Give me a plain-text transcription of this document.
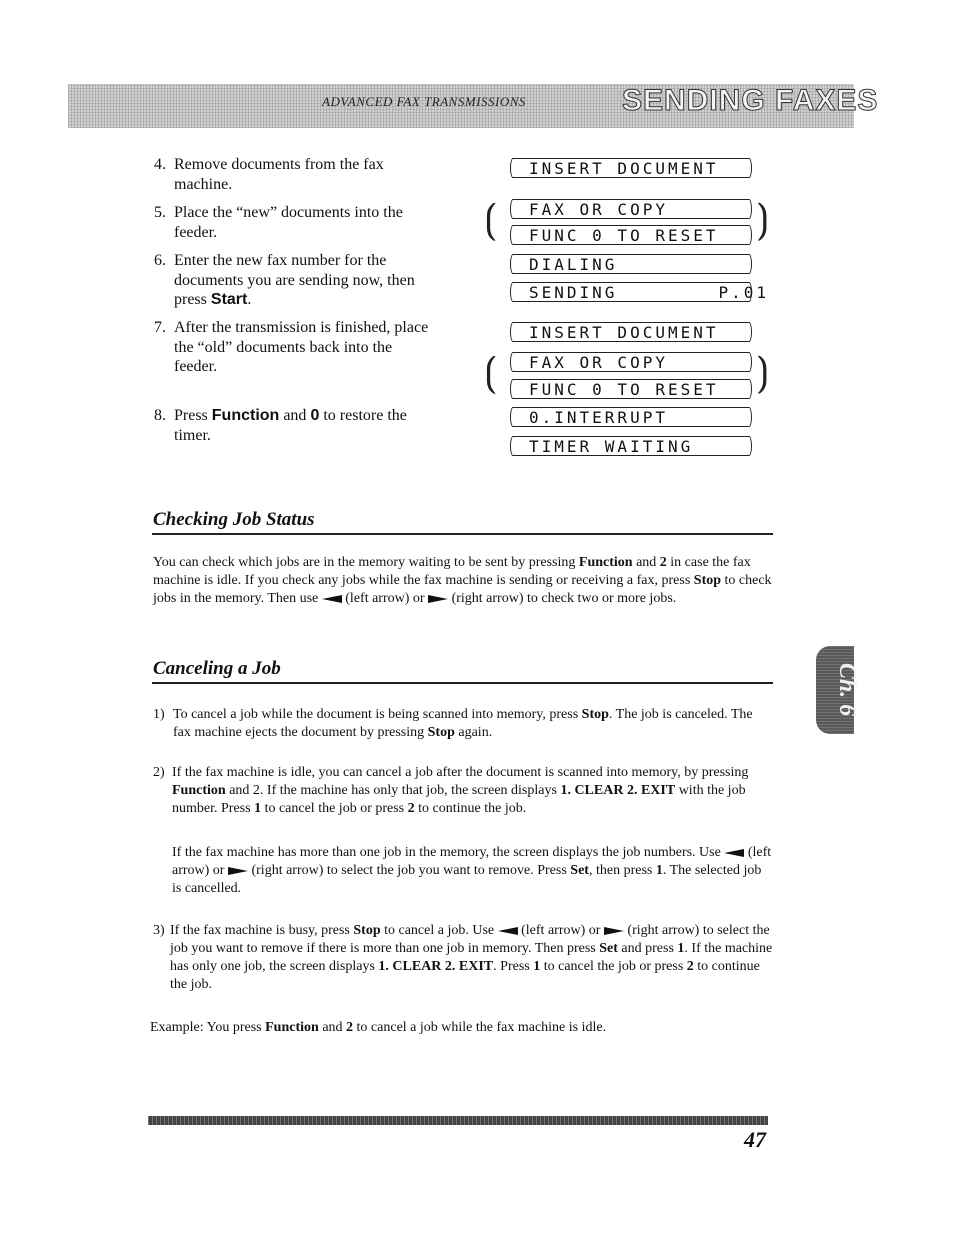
ADVANCED FAX TRANSMISSIONS	SENDING FAXES
4. Remove documents from the fax machine.
5. Place the “new” documents into the feeder.
6. Enter the new fax number for the documents you are sending now, then press Start.
7. After the transmission is finished, place the “old” documents back into the feeder.
8. Press Function and 0 to restore the timer.
INSERT DOCUMENT
FAX OR COPY
FUNC 0 TO RESET
⟮	⟯
DIALING
SENDING        P.01
INSERT DOCUMENT
FAX OR COPY
FUNC 0 TO RESET
⟮	⟯
0.INTERRUPT
TIMER WAITING
Checking Job Status
You can check which jobs are in the memory waiting to be sent by pressing Function and 2 in case the fax machine is idle. If you check any jobs while the fax machine is sending or receiving a fax, press Stop to check jobs in the memory. Then use (left arrow) or (right arrow) to check two or more jobs.
Canceling a Job
1) To cancel a job while the document is being scanned into memory, press Stop. The job is canceled. The fax machine ejects the document by pressing Stop again.
2) If the fax machine is idle, you can cancel a job after the document is scanned into memory, by pressing Function and 2. If the machine has only that job, the screen displays 1. CLEAR 2. EXIT with the job number. Press 1 to cancel the job or press 2 to continue the job.
If the fax machine has more than one job in the memory, the screen displays the job numbers. Use (left arrow) or (right arrow) to select the job you want to remove. Press Set, then press 1. The selected job is cancelled.
3) If the fax machine is busy, press Stop to cancel a job. Use (left arrow) or (right arrow) to select the job you want to remove if there is more than one job in memory. Then press Set and press 1. If the machine has only one job, the screen displays 1. CLEAR 2. EXIT. Press 1 to cancel the job or press 2 to continue the job.
Example: You press Function and 2 to cancel a job while the fax machine is idle.
Ch. 6
47
